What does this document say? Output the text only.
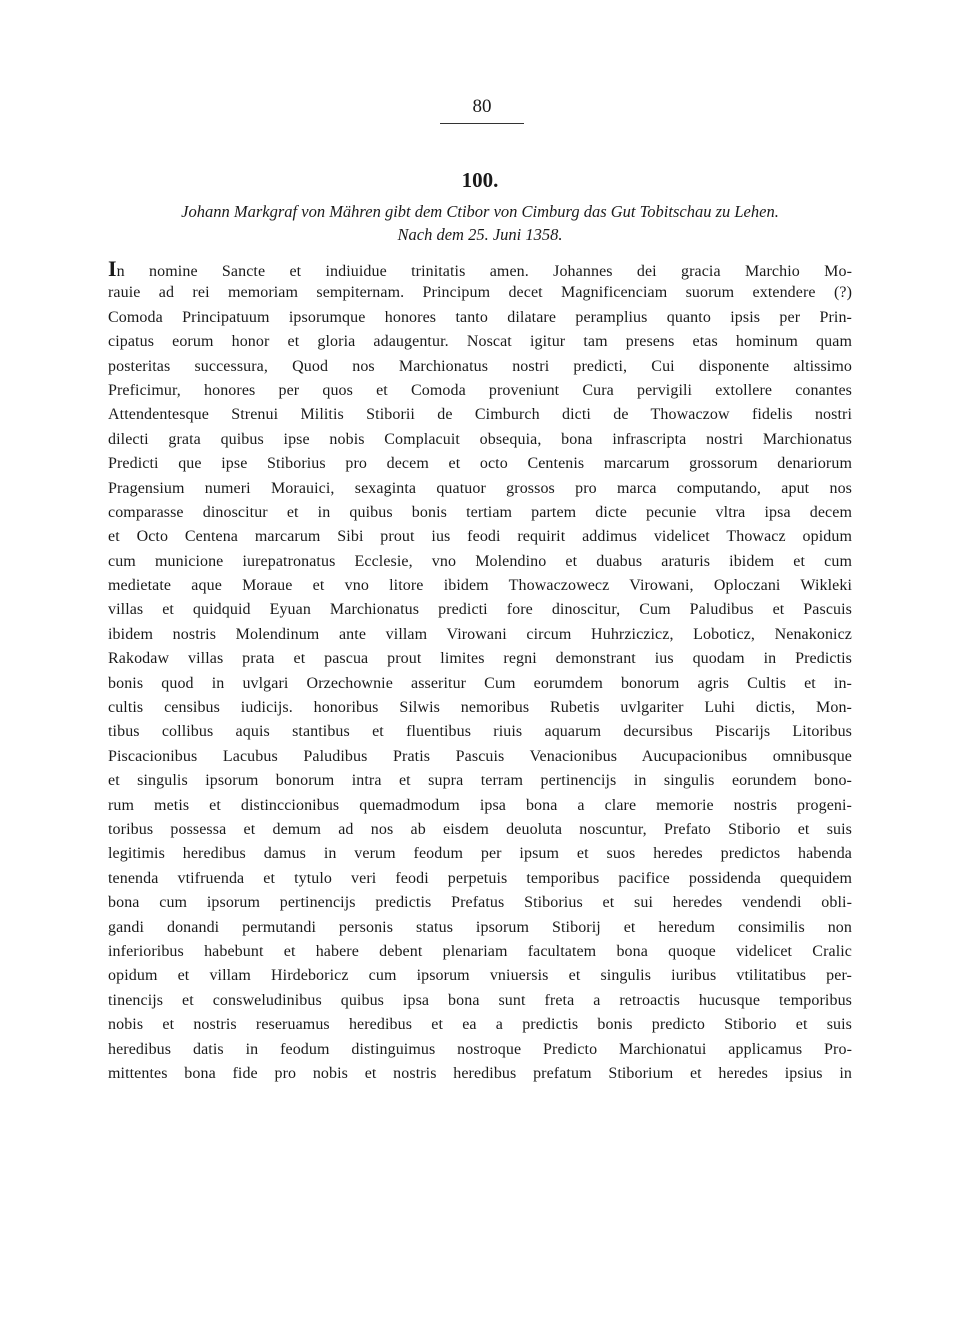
80
100.
Johann Markgraf von Mähren gibt dem Ctibor von Cimburg das Gut Tobitschau zu Lehen.
Nach dem 25. Juni 1358.
In nomine Sancte et indiuidue trinitatis amen. Johannes dei gracia Marchio Mo-
rauie ad rei memoriam sempiternam. Principum decet Magnificenciam suorum extendere (?)
Comoda Principatuum ipsorumque honores tanto dilatare peramplius quanto ipsis per Prin-
cipatus eorum honor et gloria adaugentur. Noscat igitur tam presens etas hominum quam
posteritas successura, Quod nos Marchionatus nostri predicti, Cui disponente altissimo
Preficimur, honores per quos et Comoda proveniunt Cura pervigili extollere conantes
Attendentesque Strenui Militis Stiborii de Cimburch dicti de Thowaczow fidelis nostri
dilecti grata quibus ipse nobis Complacuit obsequia, bona infrascripta nostri Marchionatus
Predicti que ipse Stiborius pro decem et octo Centenis marcarum grossorum denariorum
Pragensium numeri Morauici, sexaginta quatuor grossos pro marca computando, aput nos
comparasse dinoscitur et in quibus bonis tertiam partem dicte pecunie vltra ipsa decem
et Octo Centena marcarum Sibi prout ius feodi requirit addimus videlicet Thowacz opidum
cum municione iurepatronatus Ecclesie, vno Molendino et duabus araturis ibidem et cum
medietate aque Moraue et vno litore ibidem Thowaczowecz Virowani, Oploczani Wikleki
villas et quidquid Eyuan Marchionatus predicti fore dinoscitur, Cum Paludibus et Pascuis
ibidem nostris Molendinum ante villam Virowani circum Huhrziczicz, Loboticz, Nenakonicz
Rakodaw villas prata et pascua prout limites regni demonstrant ius quodam in Predictis
bonis quod in uvlgari Orzechownie asseritur Cum eorumdem bonorum agris Cultis et in-
cultis censibus iudicijs. honoribus Silwis nemoribus Rubetis uvlgariter Luhi dictis, Mon-
tibus collibus aquis stantibus et fluentibus riuis aquarum decursibus Piscarijs Litoribus
Piscacionibus Lacubus Paludibus Pratis Pascuis Venacionibus Aucupacionibus omnibusque
et singulis ipsorum bonorum intra et supra terram pertinencijs in singulis eorundem bono-
rum metis et distinccionibus quemadmodum ipsa bona a clare memorie nostris progeni-
toribus possessa et demum ad nos ab eisdem deuoluta noscuntur, Prefato Stiborio et suis
legitimis heredibus damus in verum feodum per ipsum et suos heredes predictos habenda
tenenda vtifruenda et tytulo veri feodi perpetuis temporibus pacifice possidenda quequidem
bona cum ipsorum pertinencijs predictis Prefatus Stiborius et sui heredes vendendi obli-
gandi donandi permutandi personis status ipsorum Stiborij et heredum consimilis non
inferioribus habebunt et habere debent plenariam facultatem bona quoque videlicet Cralic
opidum et villam Hirdeboricz cum ipsorum vniuersis et singulis iuribus vtilitatibus per-
tinencijs et consweludinibus quibus ipsa bona sunt freta a retroactis hucusque temporibus
nobis et nostris reseruamus heredibus et ea a predictis bonis predicto Stiborio et suis
heredibus datis in feodum distinguimus nostroque Predicto Marchionatui applicamus Pro-
mittentes bona fide pro nobis et nostris heredibus prefatum Stiborium et heredes ipsius in
